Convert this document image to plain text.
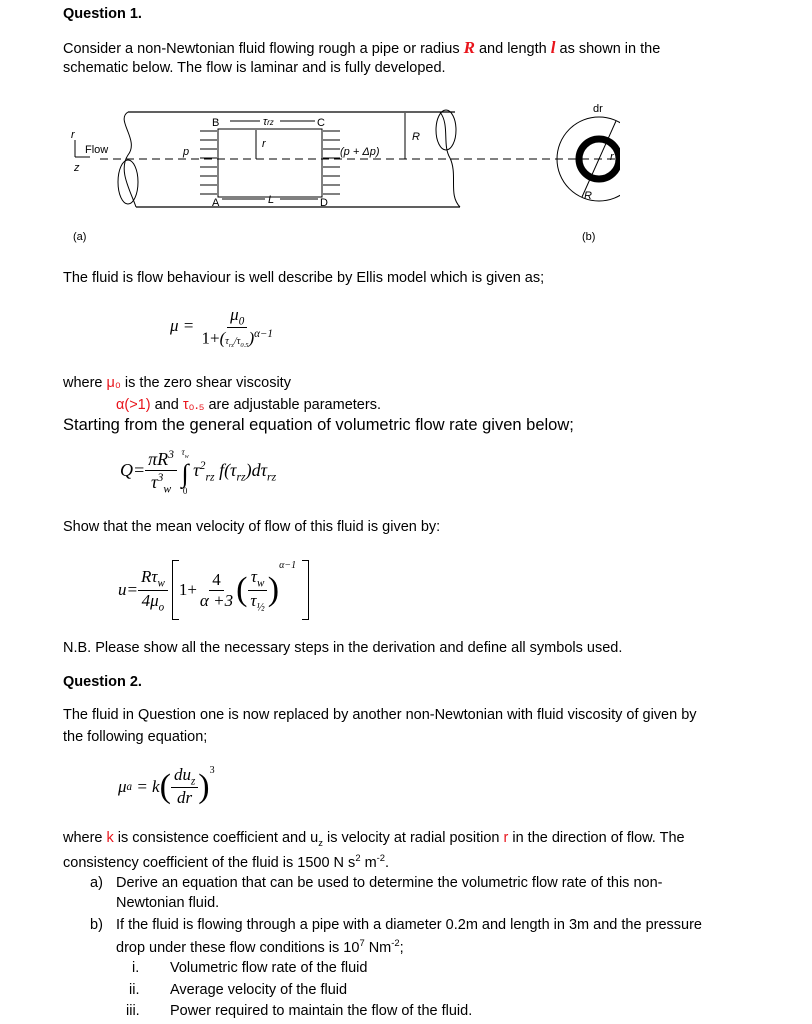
Question 1.
Consider a non-Newtonian fluid flowing rough a pipe or radius R and length l as shown in the
schematic below. The flow is laminar and is fully developed.
Flow
r
z
p	(p + Δp)
B	C
A	D
τrz
r
L
R
dr
r
R
(a)	(b)
The fluid is flow behaviour is well describe by Ellis model which is given as;
$\mu = \frac{\mu_0}{1+(\tau_{rz}/\tau_{0.5})^{\alpha-1}}$
where μ₀ is the zero shear viscosity
α(>1) and τ₀.₅ are adjustable parameters.
Starting from the general equation of volumetric flow rate given below;
$Q= \frac{\pi R^3}{\tau^3_w}$
$\tau_w$
∫
0
$\tau^2_{rz}$ $f(\tau_{rz})d\tau_{rz}$
Show that the mean velocity of flow of this fluid is given by:
$u= \frac{R\tau_w}{4\mu_o} 1+ \frac{4}{\alpha +3}$ ( $\frac{\tau_w}{\tau_{\frac{1}{2}}}$ )
α−1
N.B. Please show all the necessary steps in the derivation and define all symbols used.
Question 2.
The fluid in Question one is now replaced by another non-Newtonian with fluid viscosity of given by
the following equation;
μ a
= k ( $\frac{du_z}{dr} )^3$
where k is consistence coefficient and $u_z$ is velocity at radial position r in the direction of flow. The
consistency coefficient of the fluid is 1500 N $s^2$ $m^{-2}$.
a) Derive an equation that can be used to determine the volumetric flow rate of this non-
Newtonian fluid.
b) If the fluid is flowing through a pipe with a diameter 0.2m and length in 3m and the pressure
drop under these flow conditions is $10^7$ $Nm^{-2}$;
i. Volumetric flow rate of the fluid
ii. Average velocity of the fluid
iii. Power required to maintain the flow of the fluid.
